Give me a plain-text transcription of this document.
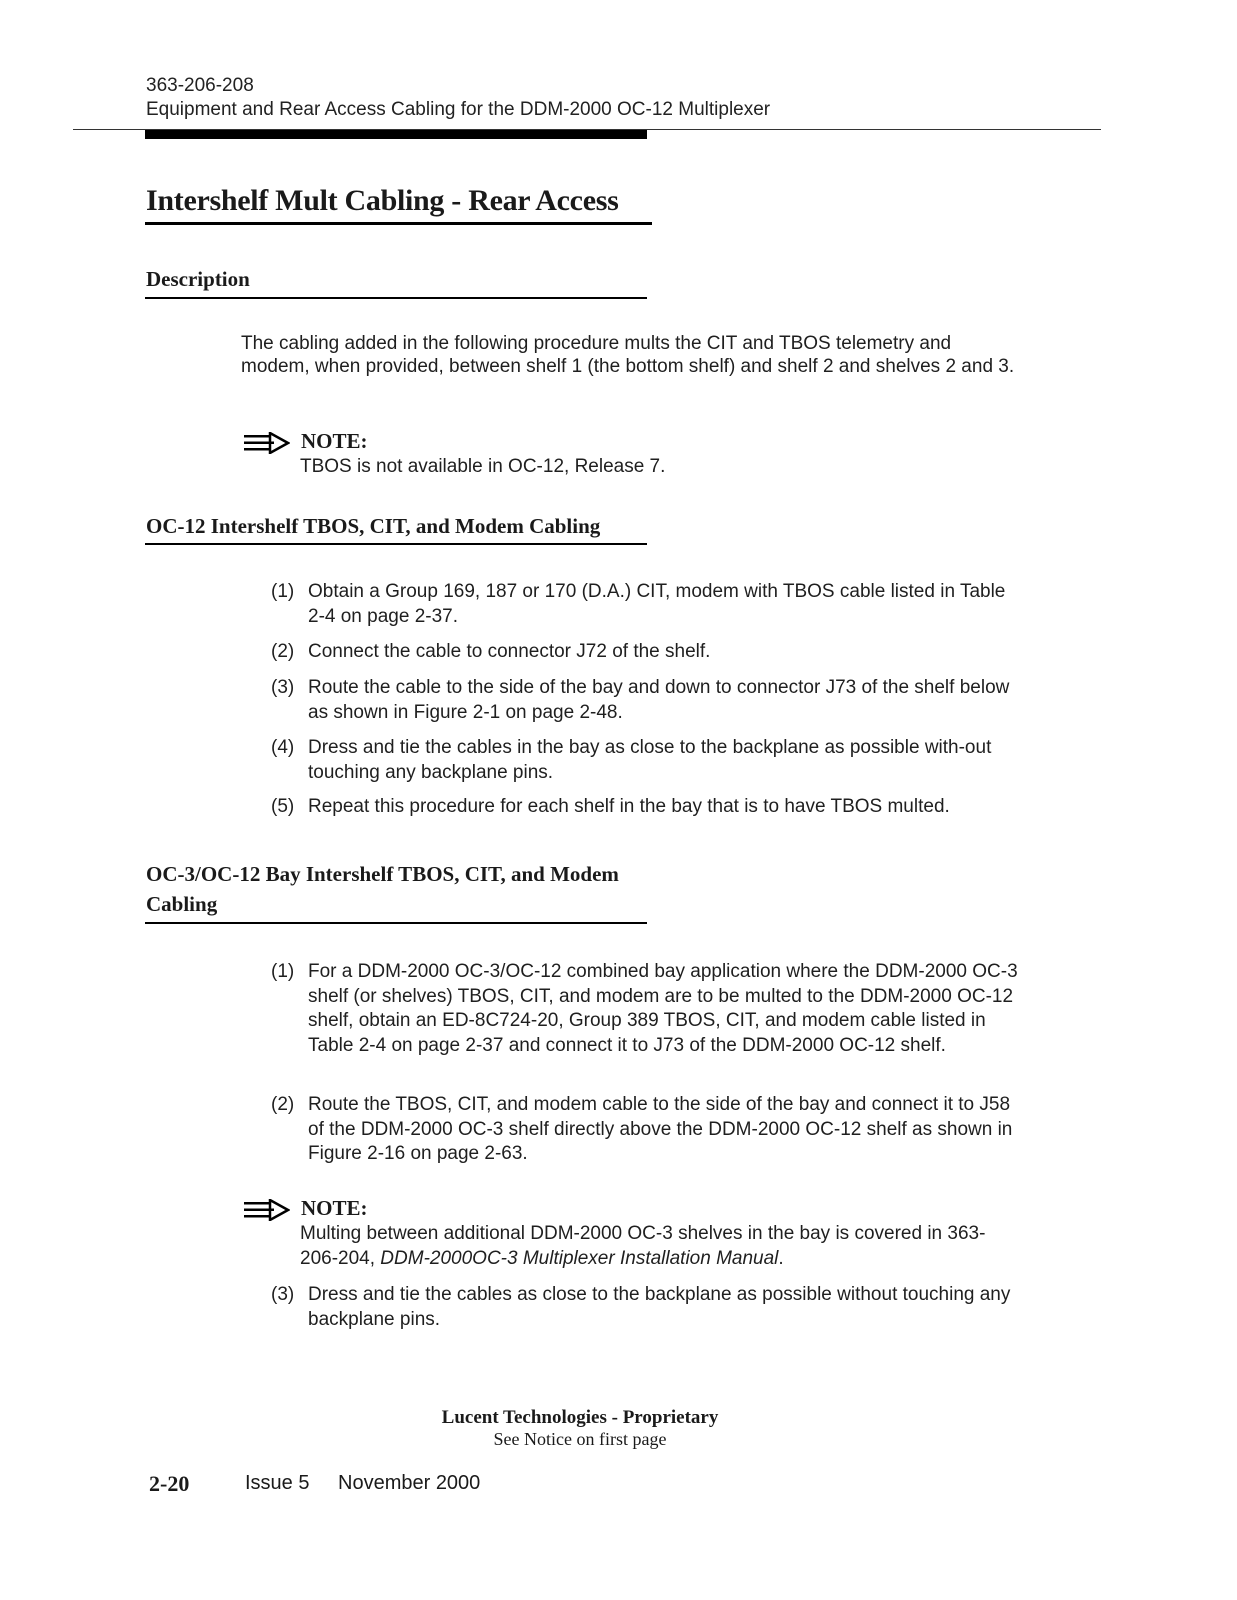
363-206-208
Equipment and Rear Access Cabling for the DDM-2000 OC-12 Multiplexer
Intershelf Mult Cabling - Rear Access
Description
The cabling added in the following procedure mults the CIT and TBOS telemetry and modem, when provided, between shelf 1 (the bottom shelf) and shelf 2 and shelves 2 and 3.
NOTE:
TBOS is not available in OC-12, Release 7.
OC-12 Intershelf TBOS, CIT, and Modem Cabling
(1) Obtain a Group 169, 187 or 170 (D.A.) CIT, modem with TBOS cable listed in Table 2-4 on page 2-37.
(2) Connect the cable to connector J72 of the shelf.
(3) Route the cable to the side of the bay and down to connector J73 of the shelf below as shown in Figure 2-1 on page 2-48.
(4) Dress and tie the cables in the bay as close to the backplane as possible with-out touching any backplane pins.
(5) Repeat this procedure for each shelf in the bay that is to have TBOS multed.
OC-3/OC-12 Bay Intershelf TBOS, CIT, and Modem
Cabling
(1) For a DDM-2000 OC-3/OC-12 combined bay application where the DDM-2000 OC-3 shelf (or shelves) TBOS, CIT, and modem are to be multed to the DDM-2000 OC-12 shelf, obtain an ED-8C724-20, Group 389 TBOS, CIT, and modem cable listed in Table 2-4 on page 2-37 and connect it to J73 of the DDM-2000 OC-12 shelf.
(2) Route the TBOS, CIT, and modem cable to the side of the bay and connect it to J58 of the DDM-2000 OC-3 shelf directly above the DDM-2000 OC-12 shelf as shown in Figure 2-16 on page 2-63.
NOTE:
Multing between additional DDM-2000 OC-3 shelves in the bay is covered in 363-206-204, DDM-2000OC-3 Multiplexer Installation Manual.
(3) Dress and tie the cables as close to the backplane as possible without touching any backplane pins.
Lucent Technologies - Proprietary
See Notice on first page
2-20	Issue 5 November 2000
